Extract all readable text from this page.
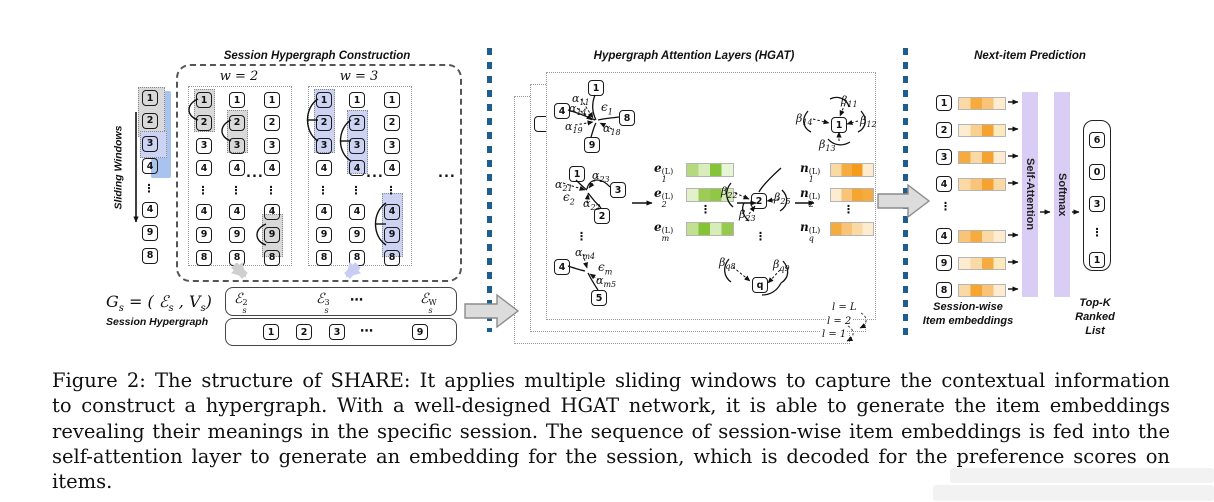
Session Hypergraph Construction
Sliding Windows
1
2
3
4
⋮
4
9
8
w = 2	w = 3
1
2
3
4
⋮
4
9
8
1
2
3
4
⋮
4
9
8
1
2
3
4
⋮
4
9
8
1
2
3
4
⋮
4
9
8
1
2
3
4
⋮
4
9
8
1
2
3
4
⋮
4
9
8
...	...	...
$G_s$ = ( ℰ$_s$ , $V_s$)
Session Hypergraph
ℰ 2
s
ℰ 3
s
⋯	ℰ W
s
1	2	3	⋯	9
Hypergraph Attention Layers (HGAT)
l = L
l = 2
l = 1
1
4
8
9
1
3
2
⋮
4
5
$\alpha_{11}$
$\alpha_{14}$
$\alpha_{19}$ $\alpha_{18}$
$\epsilon_1$
$\alpha_{23}$
$\alpha_{21}$
$\alpha_{22}$
$\epsilon_2$
$\alpha_{m4}$
$\alpha_{m5}$
$\epsilon_m$
e (L)
1
e (L)
2	⋮
e (L)
m
1
2
⋮
q
$\beta_{11}$
$\beta_{12}$
$\beta_{13}$
$\beta_{14}$
$\beta_{22}$	$\beta_{25}$
$\beta_{23}$
$\beta_{q8}$	$\beta_{q9}$
n (L)
1
n (L)
2	⋮
n (L)
q
Next-item Prediction
1
2
3
4
⋮
4
9
8
Self-Attention Softmax
6
0
3
⋮
1
Session-wise
Item embeddings
Top-K
Ranked
List
Figure 2: The structure of SHARE: It applies multiple sliding windows to capture the contextual information
to construct a hypergraph. With a well-designed HGAT network, it is able to generate the item embeddings
revealing their meanings in the specific session. The sequence of session-wise item embeddings is fed into the
self-attention layer to generate an embedding for the session, which is decoded for the preference scores on items.
